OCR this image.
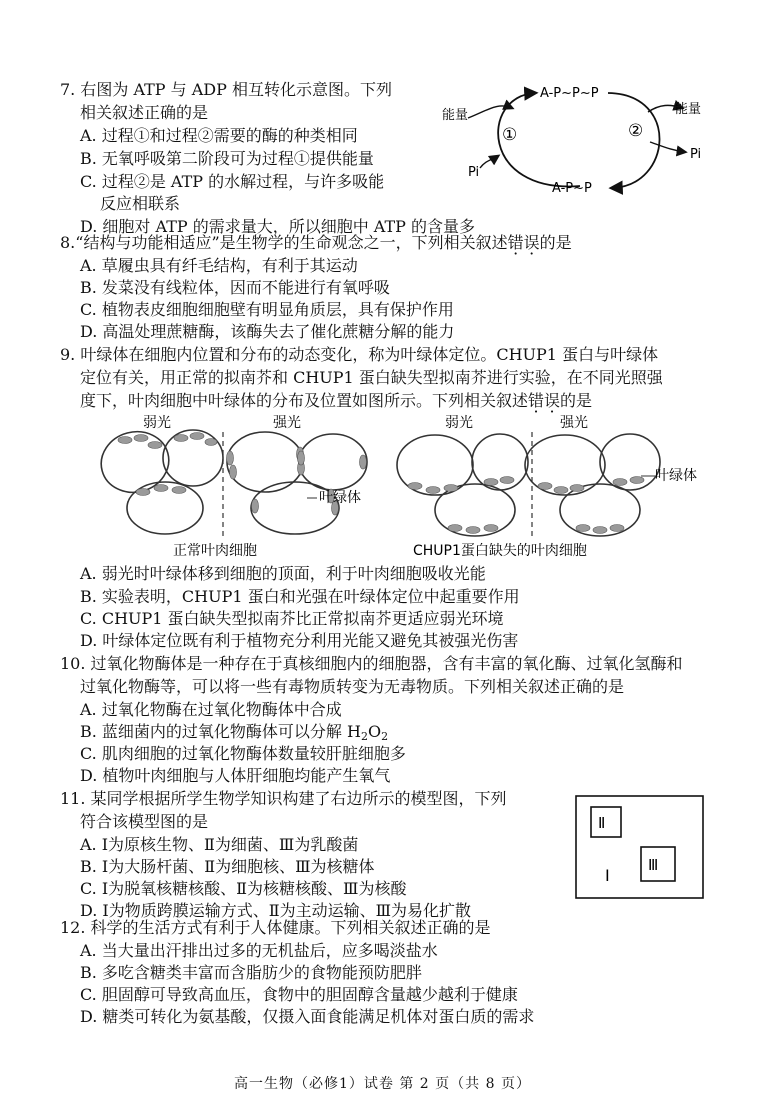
7. 右图为 ATP 与 ADP 相互转化示意图。下列
相关叙述正确的是
A. 过程①和过程②需要的酶的种类相同
B. 无氧呼吸第二阶段可为过程①提供能量
C. 过程②是 ATP 的水解过程，与许多吸能
反应相联系
D. 细胞对 ATP 的需求量大，所以细胞中 ATP 的含量多
A-P~P~P
A-P~P
能量	能量
Pi
Pi
①	②
8.“结构与功能相适应”是生物学的生命观念之一，下列相关叙述错误的是
A. 草履虫具有纤毛结构，有利于其运动
B. 发菜没有线粒体，因而不能进行有氧呼吸
C. 植物表皮细胞细胞壁有明显角质层，具有保护作用
D. 高温处理蔗糖酶，该酶失去了催化蔗糖分解的能力
9. 叶绿体在细胞内位置和分布的动态变化，称为叶绿体定位。CHUP1 蛋白与叶绿体
定位有关，用正常的拟南芥和 CHUP1 蛋白缺失型拟南芥进行实验，在不同光照强
度下，叶肉细胞中叶绿体的分布及位置如图所示。下列相关叙述错误的是
弱光	强光	弱光	强光
叶绿体
叶绿体
正常叶肉细胞	CHUP1蛋白缺失的叶肉细胞
A. 弱光时叶绿体移到细胞的顶面，利于叶肉细胞吸收光能
B. 实验表明，CHUP1 蛋白和光强在叶绿体定位中起重要作用
C. CHUP1 蛋白缺失型拟南芥比正常拟南芥更适应弱光环境
D. 叶绿体定位既有利于植物充分利用光能又避免其被强光伤害
10. 过氧化物酶体是一种存在于真核细胞内的细胞器，含有丰富的氧化酶、过氧化氢酶和
过氧化物酶等，可以将一些有毒物质转变为无毒物质。下列相关叙述正确的是
A. 过氧化物酶在过氧化物酶体中合成
B. 蓝细菌内的过氧化物酶体可以分解 $H_2O_2$
C. 肌肉细胞的过氧化物酶体数量较肝脏细胞多
D. 植物叶肉细胞与人体肝细胞均能产生氧气
11. 某同学根据所学生物学知识构建了右边所示的模型图，下列
符合该模型图的是
A. Ⅰ为原核生物、Ⅱ为细菌、Ⅲ为乳酸菌
B. Ⅰ为大肠杆菌、Ⅱ为细胞核、Ⅲ为核糖体
C. Ⅰ为脱氧核糖核酸、Ⅱ为核糖核酸、Ⅲ为核酸
D. Ⅰ为物质跨膜运输方式、Ⅱ为主动运输、Ⅲ为易化扩散
Ⅰ
Ⅱ
Ⅲ
12. 科学的生活方式有利于人体健康。下列相关叙述正确的是
A. 当大量出汗排出过多的无机盐后，应多喝淡盐水
B. 多吃含糖类丰富而含脂肪少的食物能预防肥胖
C. 胆固醇可导致高血压，食物中的胆固醇含量越少越利于健康
D. 糖类可转化为氨基酸，仅摄入面食能满足机体对蛋白质的需求
高一生物（必修1）试卷 第 2 页（共 8 页）
